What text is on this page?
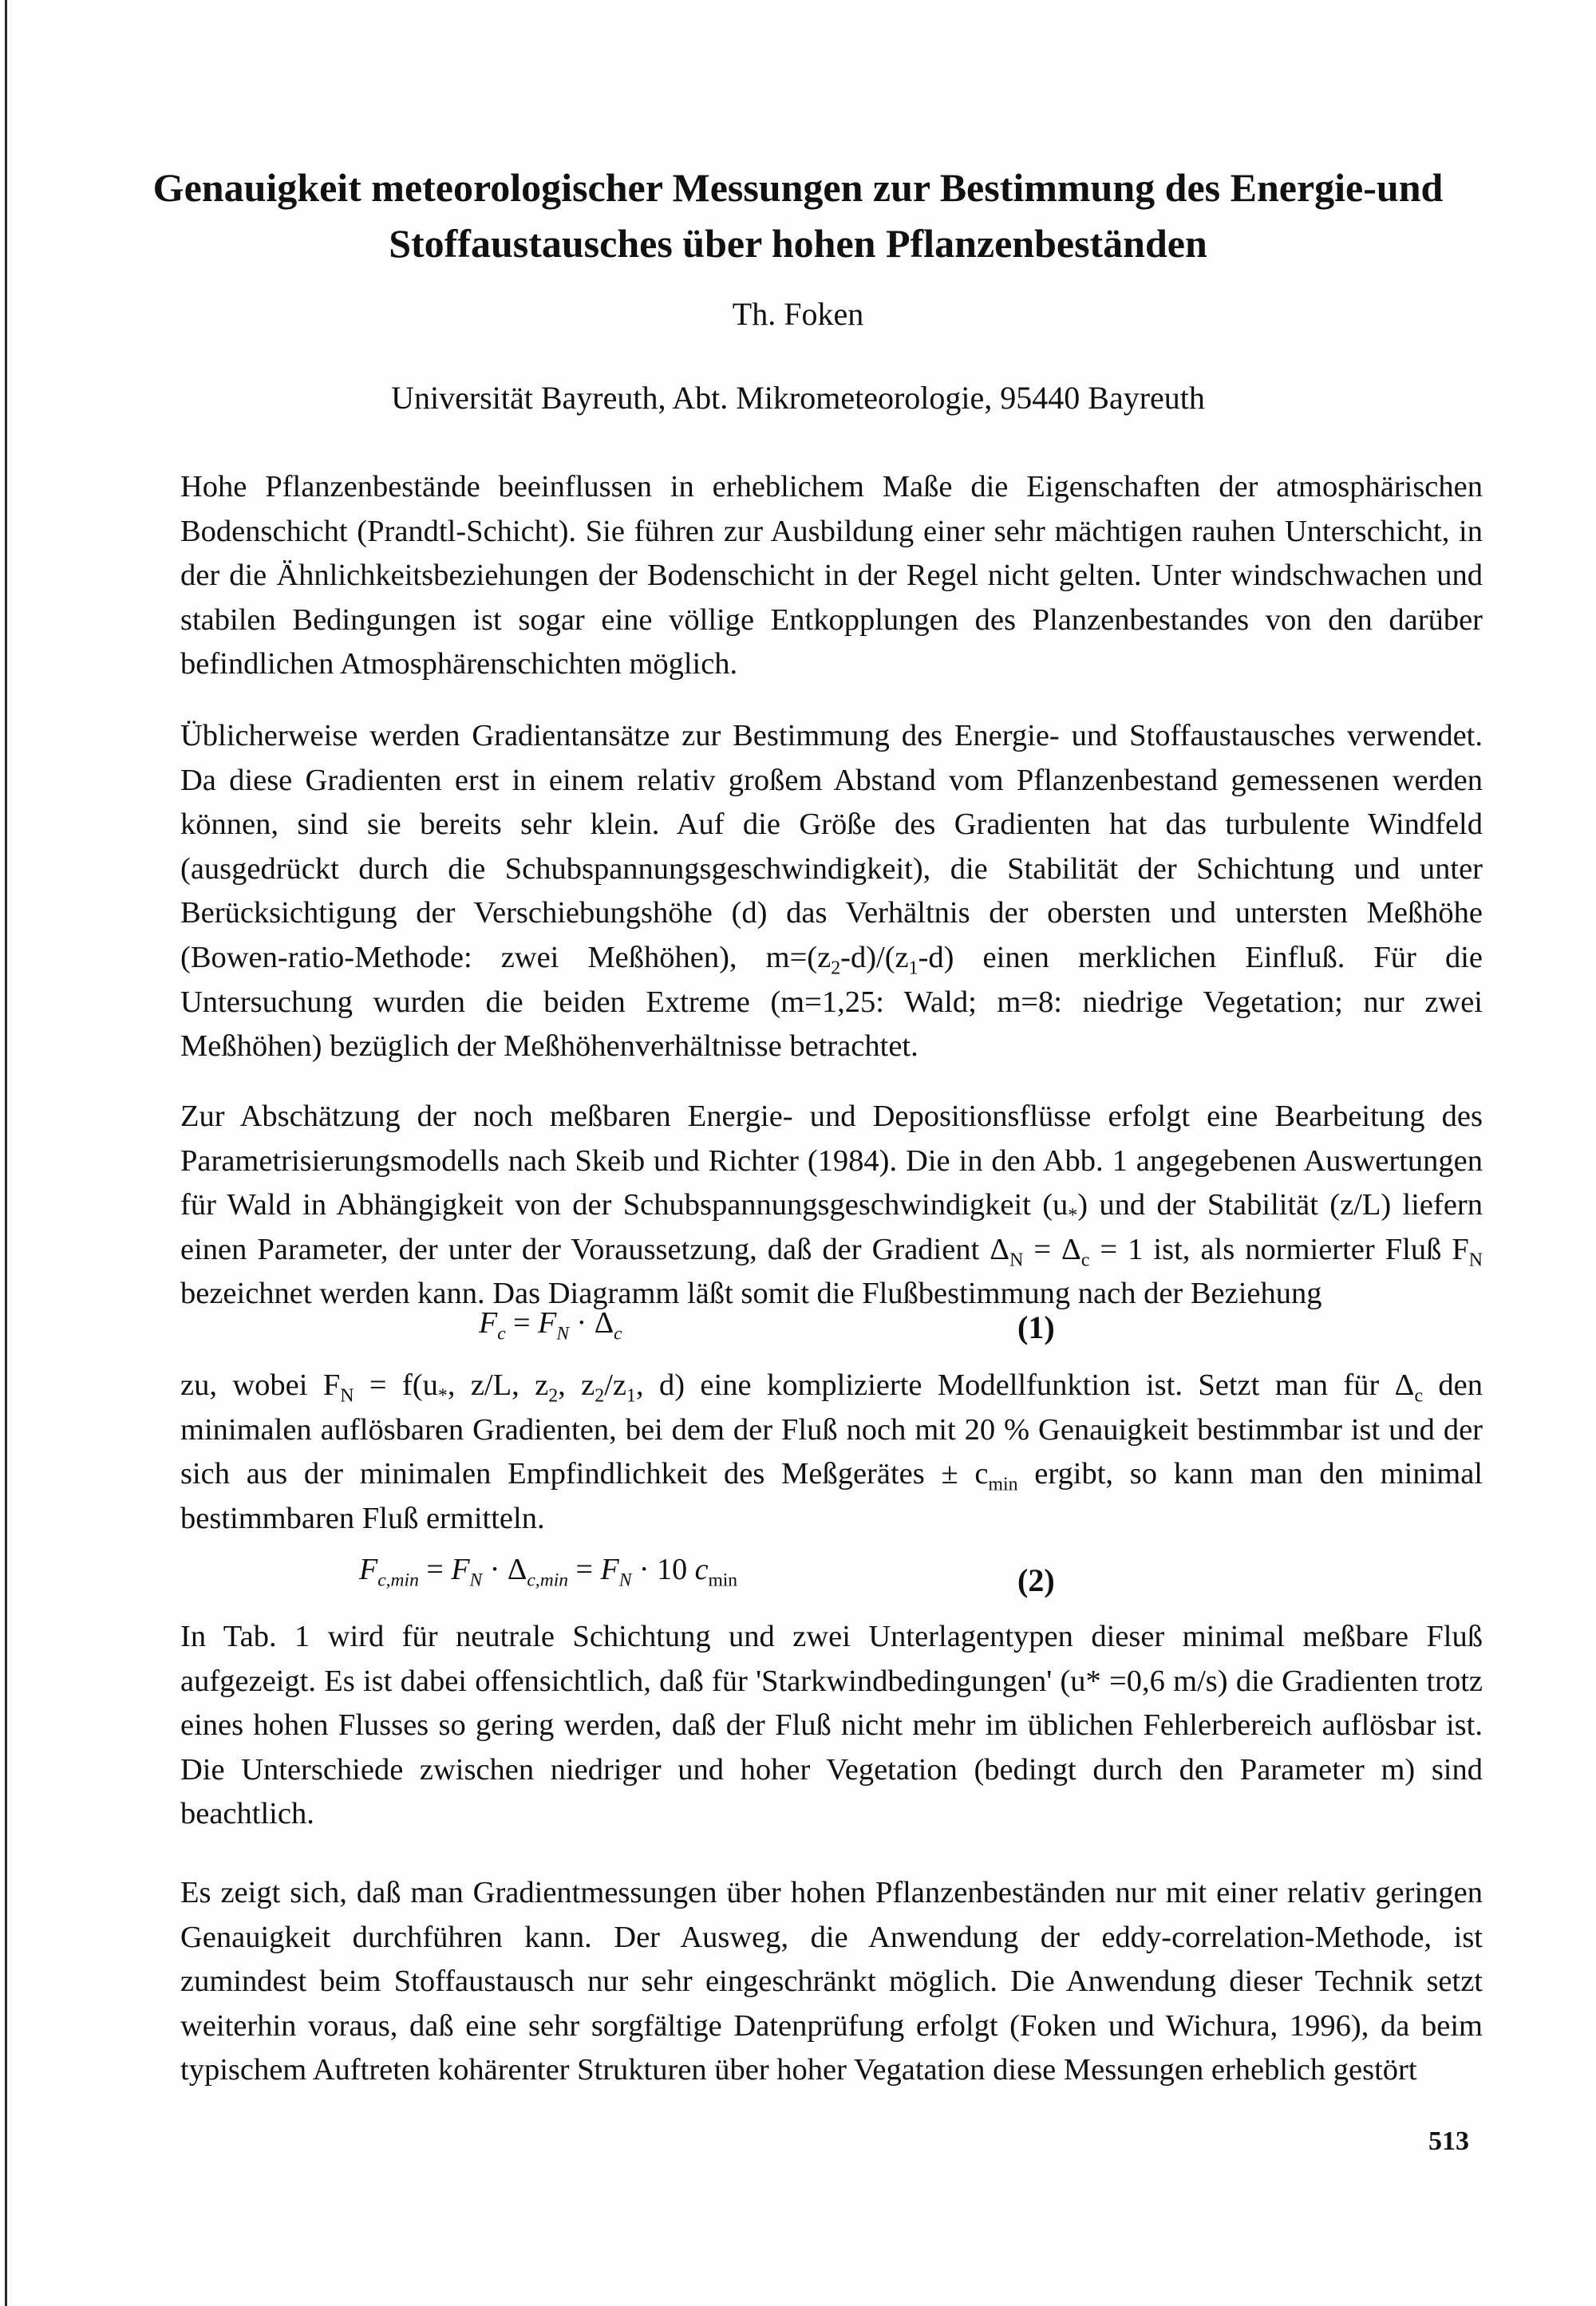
Genauigkeit meteorologischer Messungen zur Bestimmung des Energie-und
Stoffaustausches über hohen Pflanzenbeständen
Th. Foken
Universität Bayreuth, Abt. Mikrometeorologie, 95440 Bayreuth
Hohe Pflanzenbestände beeinflussen in erheblichem Maße die Eigenschaften der atmosphärischen Bodenschicht (Prandtl-Schicht). Sie führen zur Ausbildung einer sehr mächtigen rauhen Unterschicht, in der die Ähnlichkeitsbeziehungen der Bodenschicht in der Regel nicht gelten. Unter windschwachen und stabilen Bedingungen ist sogar eine völlige Entkopplungen des Planzenbestandes von den darüber befindlichen Atmosphärenschichten möglich.
Üblicherweise werden Gradientansätze zur Bestimmung des Energie- und Stoffaustausches verwendet. Da diese Gradienten erst in einem relativ großem Abstand vom Pflanzenbestand gemessenen werden können, sind sie bereits sehr klein. Auf die Größe des Gradienten hat das turbulente Windfeld (ausgedrückt durch die Schubspannungsgeschwindigkeit), die Stabilität der Schichtung und unter Berücksichtigung der Verschiebungshöhe (d) das Verhältnis der obersten und untersten Meßhöhe (Bowen-ratio-Methode: zwei Meßhöhen), $m=(z_2-d)/(z_1-d)$ einen merklichen Einfluß. Für die Untersuchung wurden die beiden Extreme (m=1,25: Wald; m=8: niedrige Vegetation; nur zwei Meßhöhen) bezüglich der Meßhöhenverhältnisse betrachtet.
Zur Abschätzung der noch meßbaren Energie- und Depositionsflüsse erfolgt eine Bearbeitung des Parametrisierungsmodells nach Skeib und Richter (1984). Die in den Abb. 1 angegebenen Auswertungen für Wald in Abhängigkeit von der Schubspannungsgeschwindigkeit $(u_*)$ und der Stabilität (z/L) liefern einen Parameter, der unter der Voraussetzung, daß der Gradient $\Delta_N = \Delta_c = 1$ ist, als normierter Fluß $F_N$ bezeichnet werden kann. Das Diagramm läßt somit die Flußbestimmung nach der Beziehung
$F_c = F_N \cdot \Delta_c$	(1)
zu, wobei $F_N = f(u_*$, z/L, $z_2$, $z_2/z_1$, d) eine komplizierte Modellfunktion ist. Setzt man für $\Delta_c$ den minimalen auflösbaren Gradienten, bei dem der Fluß noch mit 20 % Genauigkeit bestimmbar ist und der sich aus der minimalen Empfindlichkeit des Meßgerätes ± $c_{min}$ ergibt, so kann man den minimal bestimmbaren Fluß ermitteln.
$F_{c,min} = F_N \cdot \Delta_{c,min} = F_N \cdot 10$ $c_{min}$	(2)
In Tab. 1 wird für neutrale Schichtung und zwei Unterlagentypen dieser minimal meßbare Fluß aufgezeigt. Es ist dabei offensichtlich, daß für 'Starkwindbedingungen' (u* =0,6 m/s) die Gradienten trotz eines hohen Flusses so gering werden, daß der Fluß nicht mehr im üblichen Fehlerbereich auflösbar ist. Die Unterschiede zwischen niedriger und hoher Vegetation (bedingt durch den Parameter m) sind beachtlich.
Es zeigt sich, daß man Gradientmessungen über hohen Pflanzenbeständen nur mit einer relativ geringen Genauigkeit durchführen kann. Der Ausweg, die Anwendung der eddy-correlation-Methode, ist zumindest beim Stoffaustausch nur sehr eingeschränkt möglich. Die Anwendung dieser Technik setzt weiterhin voraus, daß eine sehr sorgfältige Datenprüfung erfolgt (Foken und Wichura, 1996), da beim typischem Auftreten kohärenter Strukturen über hoher Vegatation diese Messungen erheblich gestört
513
